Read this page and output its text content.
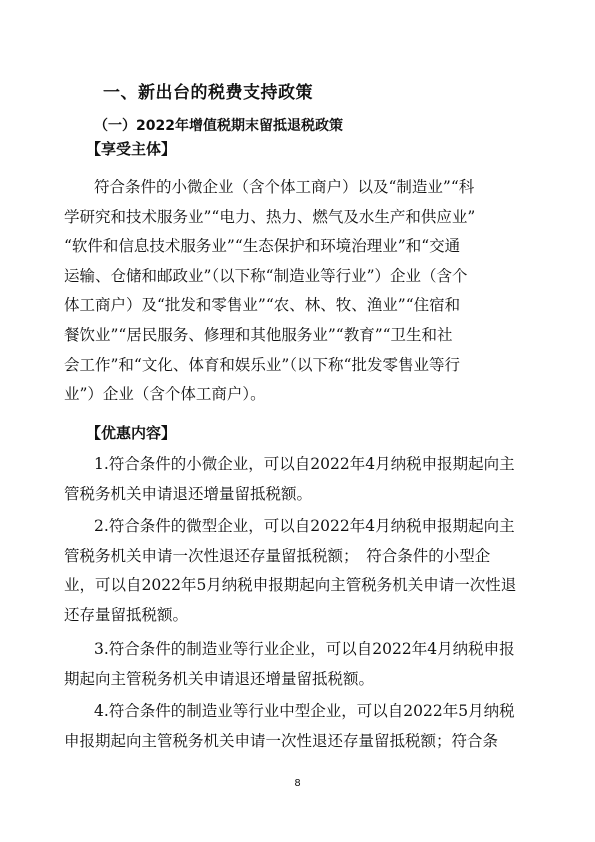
一、新出台的税费支持政策
（一）2022年增值税期末留抵退税政策
【享受主体】
符合条件的小微企业（含个体工商户）以及“制造业”“科
学研究和技术服务业”“电力、热力、燃气及水生产和供应业”
“软件和信息技术服务业”“生态保护和环境治理业”和“交通
运输、仓储和邮政业”（以下称“制造业等行业”）企业（含个
体工商户）及“批发和零售业”“农、林、牧、渔业”“住宿和
餐饮业”“居民服务、修理和其他服务业”“教育”“卫生和社
会工作”和“文化、体育和娱乐业”（以下称“批发零售业等行
业”）企业（含个体工商户）。
【优惠内容】
1.符合条件的小微企业，可以自2022年4月纳税申报期起向主
管税务机关申请退还增量留抵税额。
2.符合条件的微型企业，可以自2022年4月纳税申报期起向主
管税务机关申请一次性退还存量留抵税额；　符合条件的小型企
业，可以自2022年5月纳税申报期起向主管税务机关申请一次性退
还存量留抵税额。
3.符合条件的制造业等行业企业，可以自2022年4月纳税申报
期起向主管税务机关申请退还增量留抵税额。
4.符合条件的制造业等行业中型企业，可以自2022年5月纳税
申报期起向主管税务机关申请一次性退还存量留抵税额；符合条
8
